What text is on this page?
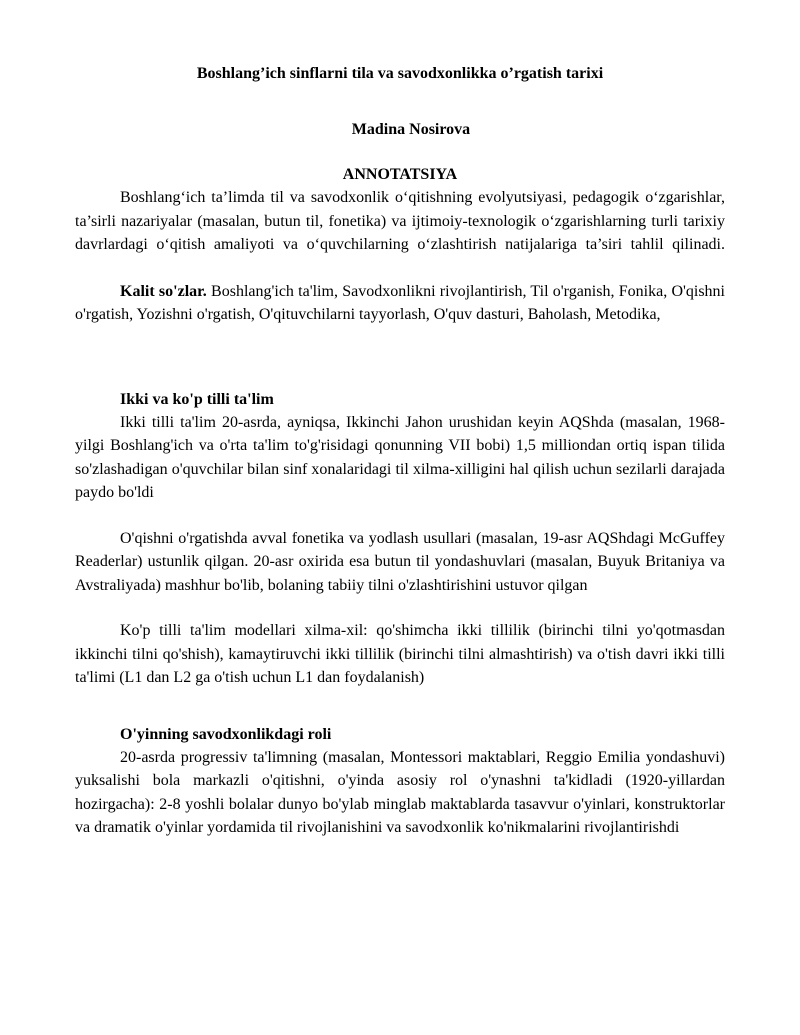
Boshlang’ich sinflarni tila va savodxonlikka o’rgatish tarixi
Madina Nosirova
ANNOTATSIYA

Boshlang‘ich ta’limda til va savodxonlik o‘qitishning evolyutsiyasi, pedagogik o‘zgarishlar, ta’sirli nazariyalar (masalan, butun til, fonetika) va ijtimoiy-texnologik o‘zgarishlarning turli tarixiy davrlardagi o‘qitish amaliyoti va o‘quvchilarning o‘zlashtirish natijalariga ta’siri tahlil qilinadi.

Kalit so'zlar. Boshlang'ich ta'lim, Savodxonlikni rivojlantirish, Til o'rganish, Fonika, O'qishni o'rgatish, Yozishni o'rgatish, O'qituvchilarni tayyorlash, O'quv dasturi, Baholash, Metodika,

Ikki va ko'p tilli ta'lim

Ikki tilli ta'lim 20-asrda, ayniqsa, Ikkinchi Jahon urushidan keyin AQShda (masalan, 1968-yilgi Boshlang'ich va o'rta ta'lim to'g'risidagi qonunning VII bobi) 1,5 milliondan ortiq ispan tilida so'zlashadigan o'quvchilar bilan sinf xonalaridagi til xilma-xilligini hal qilish uchun sezilarli darajada paydo bo'ldi

O'qishni o'rgatishda avval fonetika va yodlash usullari (masalan, 19-asr AQShdagi McGuffey Readerlar) ustunlik qilgan. 20-asr oxirida esa butun til yondashuvlari (masalan, Buyuk Britaniya va Avstraliyada) mashhur bo'lib, bolaning tabiiy tilni o'zlashtirishini ustuvor qilgan

Ko'p tilli ta'lim modellari xilma-xil: qo'shimcha ikki tillilik (birinchi tilni yo'qotmasdan ikkinchi tilni qo'shish), kamaytiruvchi ikki tillilik (birinchi tilni almashtirish) va o'tish davri ikki tilli ta'limi (L1 dan L2 ga o'tish uchun L1 dan foydalanish)

O'yinning savodxonlikdagi roli

20-asrda progressiv ta'limning (masalan, Montessori maktablari, Reggio Emilia yondashuvi) yuksalishi bola markazli o'qitishni, o'yinda asosiy rol o'ynashni ta'kidladi (1920-yillardan hozirgacha): 2-8 yoshli bolalar dunyo bo'ylab minglab maktablarda tasavvur o'yinlari, konstruktorlar va dramatik o'yinlar yordamida til rivojlanishini va savodxonlik ko'nikmalarini rivojlantirishdi
